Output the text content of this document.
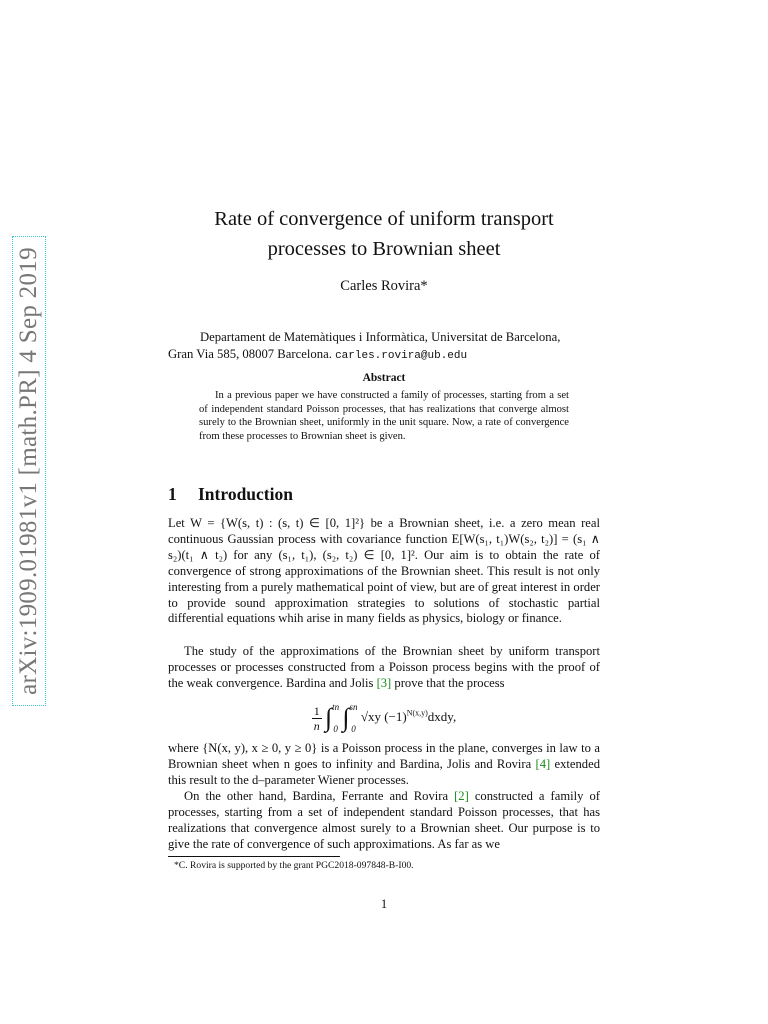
arXiv:1909.01981v1 [math.PR] 4 Sep 2019
Rate of convergence of uniform transport
processes to Brownian sheet
Carles Rovira*
Departament de Matemàtiques i Informàtica, Universitat de Barcelona,
Gran Via 585, 08007 Barcelona. carles.rovira@ub.edu
Abstract
In a previous paper we have constructed a family of processes, starting from a set of independent standard Poisson processes, that has realizations that converge almost surely to the Brownian sheet, uniformly in the unit square. Now, a rate of convergence from these processes to Brownian sheet is given.
1 Introduction
Let W = {W(s, t) : (s, t) ∈ [0, 1]²} be a Brownian sheet, i.e. a zero mean real continuous Gaussian process with covariance function E[W(s₁, t₁)W(s₂, t₂)] = (s₁ ∧ s₂)(t₁ ∧ t₂) for any (s₁, t₁), (s₂, t₂) ∈ [0, 1]². Our aim is to obtain the rate of convergence of strong approximations of the Brownian sheet. This result is not only interesting from a purely mathematical point of view, but are of great interest in order to provide sound approximation strategies to solutions of stochastic partial differential equations whih arise in many fields as physics, biology or finance.
The study of the approximations of the Brownian sheet by uniform transport processes or processes constructed from a Poisson process begins with the proof of the weak convergence. Bardina and Jolis [3] prove that the process
$\frac{1}{n}$ ∫ tn
0 ∫ sn
0
√xy $(-1)^{N(x,y)}dxdy$,
where {N(x, y), x ≥ 0, y ≥ 0} is a Poisson process in the plane, converges in law to a Brownian sheet when n goes to infinity and Bardina, Jolis and Rovira [4] extended this result to the d–parameter Wiener processes.
On the other hand, Bardina, Ferrante and Rovira [2] constructed a family of processes, starting from a set of independent standard Poisson processes, that has realizations that convergence almost surely to a Brownian sheet. Our purpose is to give the rate of convergence of such approximations. As far as we
*C. Rovira is supported by the grant PGC2018-097848-B-I00.
1
